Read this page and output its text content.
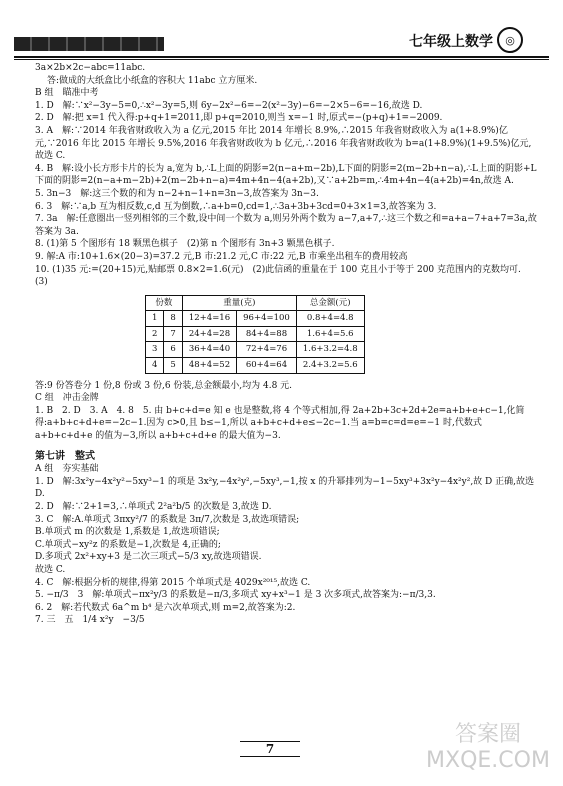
七年级上数学	◎

3a×2b×2c−abc=11abc.

答:做成的大纸盒比小纸盒的容积大 11abc 立方厘米.

B 组　瞄准中考

1. D　解:∵x²−3y−5=0,∴x²−3y=5,则 6y−2x²−6=−2(x²−3y)−6=−2×5−6=−16,故选 D.

2. D　解:把 x=1 代入得:p+q+1=2011,即 p+q=2010,则当 x=−1 时,原式=−(p+q)+1=−2009.

3. A　解:∵2014 年我省财政收入为 a 亿元,2015 年比 2014 年增长 8.9%,∴2015 年我省财政收入为 a(1+8.9%)亿元,∵2016 年比 2015 年增长 9.5%,2016 年我省财政收为 b 亿元,∴2016 年我省财政收为 b=a(1+8.9%)(1+9.5%)亿元,故选 C.

4. B　解:设小长方形卡片的长为 a,宽为 b,∴L上面的阴影=2(n−a+m−2b),L下面的阴影=2(m−2b+n−a),∴L上面的阴影+L下面的阴影=2(n−a+m−2b)+2(m−2b+n−a)=4m+4n−4(a+2b),又∵a+2b=m,∴4m+4n−4(a+2b)=4n,故选 A.

5. 3n−3　解:这三个数的和为 n−2+n−1+n=3n−3,故答案为 3n−3.

6. 3　解:∵a,b 互为相反数,c,d 互为倒数,∴a+b=0,cd=1,∴3a+3b+3cd=0+3×1=3,故答案为 3.

7. 3a　解:任意圈出一竖列相邻的三个数,设中间一个数为 a,则另外两个数为 a−7,a+7,∴这三个数之和=a+a−7+a+7=3a,故答案为 3a.

8. (1)第 5 个图形有 18 颗黑色棋子　(2)第 n 个图形有 3n+3 颗黑色棋子.

9. 解:A 市:10+1.6×(20−3)=37.2 元,B 市:21.2 元,C 市:22 元,B 市乘坐出租车的费用较高

10. (1)35 元:=(20+15)元,贴邮票 0.8×2=1.6(元)　(2)此信函的重量在于 100 克且小于等于 200 克范围内的克数均可.

(3)

份数		重量(克)		总金额(元)
1	8	12+4=16	96+4=100	0.8+4=4.8
2	7	24+4=28	84+4=88	1.6+4=5.6
3	6	36+4=40	72+4=76	1.6+3.2=4.8
4	5	48+4=52	60+4=64	2.4+3.2=5.6

答:9 份答卷分 1 份,8 份或 3 份,6 份装,总金额最小,均为 4.8 元.

C 组　冲击金牌

1. B　2. D　3. A　4. 8　5. 由 b+c+d=e 知 e 也是整数,将 4 个等式相加,得 2a+2b+3c+2d+2e=a+b+e+c−1,化简得:a+b+c+d+e=−2c−1.因为 c>0,且 b≤−1,所以 a+b+c+d+e≤−2c−1.当 a=b=c=d=e=−1 时,代数式 a+b+c+d+e 的值为−3,所以 a+b+c+d+e 的最大值为−3.

第七讲　整式

A 组　夯实基础

1. D　解:3x²y−4x²y²−5xy³−1 的项是 3x²y,−4x²y²,−5xy³,−1,按 x 的升幂排列为−1−5xy³+3x²y−4x²y²,故 D 正确,故选 D.

2. D　解:∵2+1=3,∴单项式 2²a²b/5 的次数是 3,故选 D.

3. C　解:A.单项式 3πxy²/7 的系数是 3π/7,次数是 3,故选项错误;

B.单项式 m 的次数是 1,系数是 1,故选项错误;

C.单项式−xy²z 的系数是−1,次数是 4,正确的;

D.多项式 2x²+xy+3 是二次三项式−5/3 xy,故选项错误.

故选 C.

4. C　解:根据分析的规律,得第 2015 个单项式是 4029x²⁰¹⁵,故选 C.

5. −π/3　3　解:单项式−πx²y/3 的系数是−π/3,多项式 xy+x³−1 是 3 次多项式,故答案为:−π/3,3.

6. 2　解:若代数式 6a^m b⁴ 是六次单项式,则 m=2,故答案为:2.

7. 三　五　1/4 x²y　−3/5

7
答案圈 MXQE.COM
